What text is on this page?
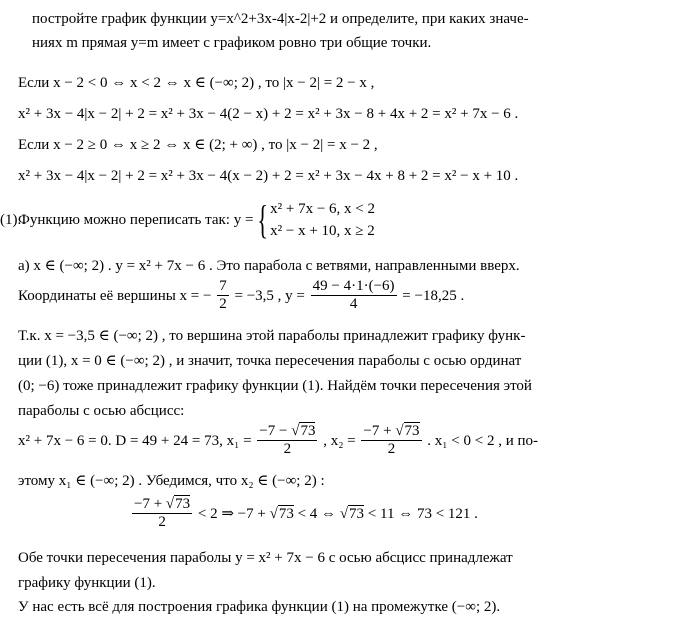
постройте график функции y=x^2+3x-4|x-2|+2 и определите, при каких значе-
ниях m прямая y=m имеет с графиком ровно три общие точки.
Если x − 2 < 0 ⇔ x < 2 ⇔ x ∈ (−∞; 2) , то |x − 2| = 2 − x ,
x² + 3x − 4|x − 2| + 2 = x² + 3x − 4(2 − x) + 2 = x² + 3x − 8 + 4x + 2 = x² + 7x − 6 .
Если x − 2 ≥ 0 ⇔ x ≥ 2 ⇔ x ∈ (2; + ∞) , то |x − 2| = x − 2 ,
x² + 3x − 4|x − 2| + 2 = x² + 3x − 4(x − 2) + 2 = x² + 3x − 4x + 8 + 2 = x² − x + 10 .
Функцию можно переписать так: y = { x² + 7x − 6, x < 2
x² − x + 10, x ≥ 2
(1).
а) x ∈ (−∞; 2) . y = x² + 7x − 6 . Это парабола с ветвями, направленными вверх.
Координаты её вершины x = − $\frac{7}{2} = -3,5$ , $y = \frac{49 - 4\cdot 1\cdot(-6)}{4} = -18,25$ .
Т.к. x = −3,5 ∈ (−∞; 2) , то вершина этой параболы принадлежит графику функ-
ции (1), x = 0 ∈ (−∞; 2) , и значит, точка пересечения параболы с осью ординат
(0; −6) тоже принадлежит графику функции (1). Найдём точки пересечения этой
параболы с осью абсцисс:
x² + 7x − 6 = 0. D = 49 + 24 = 73, $x_1 = \frac{-7 - √73}{2}$ , $x_2 = \frac{-7 + √73}{2}$ . x₁ < 0 < 2 , и по-
этому x₁ ∈ (−∞; 2) . Убедимся, что x₂ ∈ (−∞; 2) :
$\frac{-7 + √73}{2} < 2$ ⇒ −7 + √73 < 4 ⇔ √73 < 11 ⇔ 73 < 121 .
Обе точки пересечения параболы y = x² + 7x − 6 с осью абсцисс принадлежат
графику функции (1).
У нас есть всё для построения графика функции (1) на промежутке (−∞; 2).
